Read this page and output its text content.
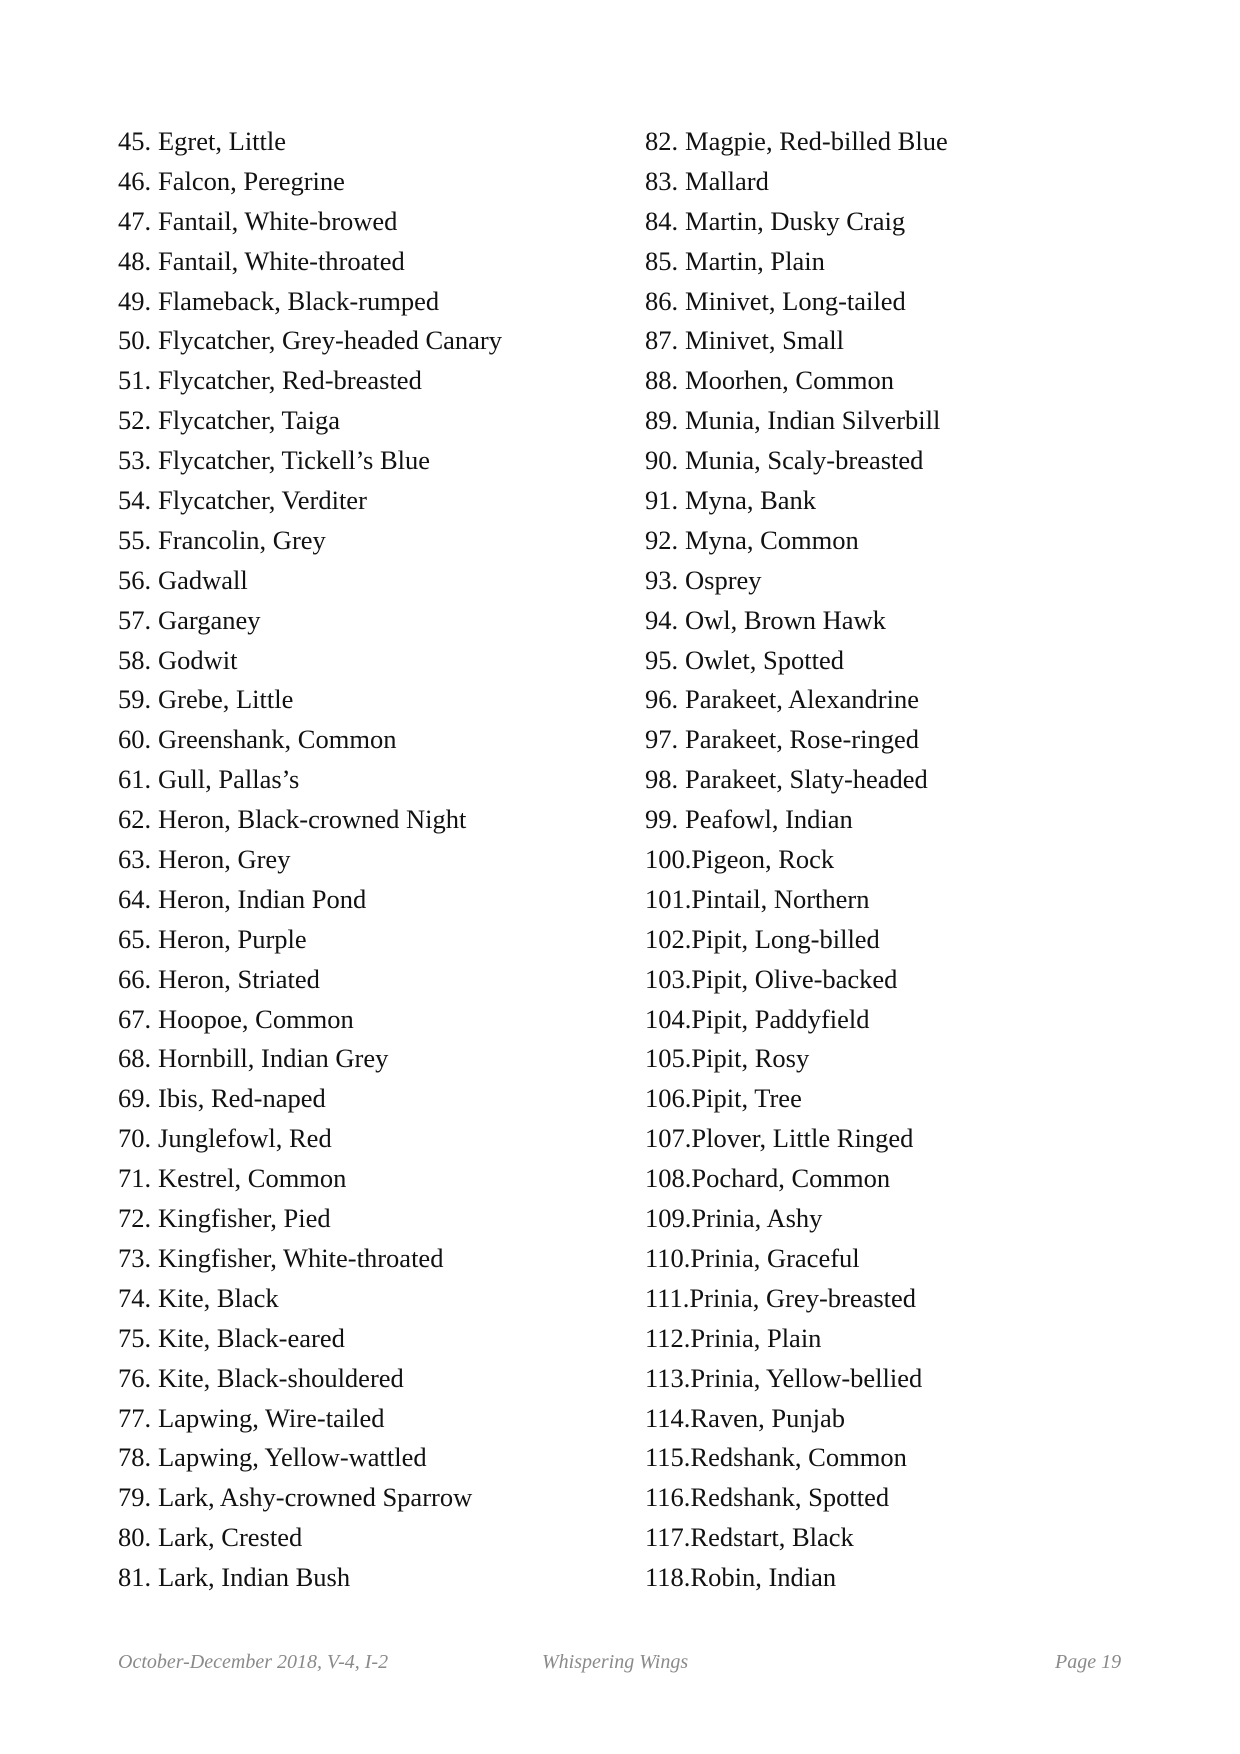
45. Egret, Little
46. Falcon, Peregrine
47. Fantail, White-browed
48. Fantail, White-throated
49. Flameback, Black-rumped
50. Flycatcher, Grey-headed Canary
51. Flycatcher, Red-breasted
52. Flycatcher, Taiga
53. Flycatcher, Tickell’s Blue
54. Flycatcher, Verditer
55. Francolin, Grey
56. Gadwall
57. Garganey
58. Godwit
59. Grebe, Little
60. Greenshank, Common
61. Gull, Pallas’s
62. Heron, Black-crowned Night
63. Heron, Grey
64. Heron, Indian Pond
65. Heron, Purple
66. Heron, Striated
67. Hoopoe, Common
68. Hornbill, Indian Grey
69. Ibis, Red-naped
70. Junglefowl, Red
71. Kestrel, Common
72. Kingfisher, Pied
73. Kingfisher, White-throated
74. Kite, Black
75. Kite, Black-eared
76. Kite, Black-shouldered
77. Lapwing, Wire-tailed
78. Lapwing, Yellow-wattled
79. Lark, Ashy-crowned Sparrow
80. Lark, Crested
81. Lark, Indian Bush
82. Magpie, Red-billed Blue
83. Mallard
84. Martin, Dusky Craig
85. Martin, Plain
86. Minivet, Long-tailed
87. Minivet, Small
88. Moorhen, Common
89. Munia, Indian Silverbill
90. Munia, Scaly-breasted
91. Myna, Bank
92. Myna, Common
93. Osprey
94. Owl, Brown Hawk
95. Owlet, Spotted
96. Parakeet, Alexandrine
97. Parakeet, Rose-ringed
98. Parakeet, Slaty-headed
99. Peafowl, Indian
100.Pigeon, Rock
101.Pintail, Northern
102.Pipit, Long-billed
103.Pipit, Olive-backed
104.Pipit, Paddyfield
105.Pipit, Rosy
106.Pipit, Tree
107.Plover, Little Ringed
108.Pochard, Common
109.Prinia, Ashy
110.Prinia, Graceful
111.Prinia, Grey-breasted
112.Prinia, Plain
113.Prinia, Yellow-bellied
114.Raven, Punjab
115.Redshank, Common
116.Redshank, Spotted
117.Redstart, Black
118.Robin, Indian
October-December 2018, V-4, I-2	Whispering Wings	Page 19
